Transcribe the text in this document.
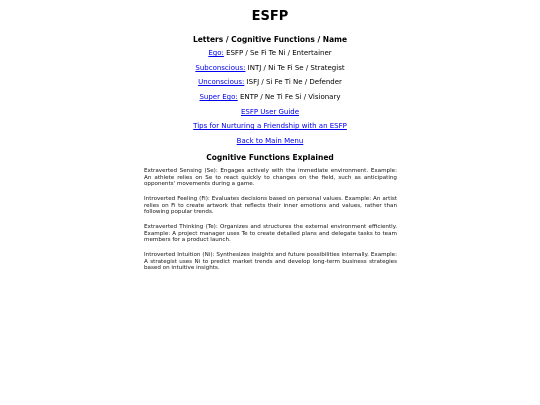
ESFP
Letters / Cognitive Functions / Name
Ego: ESFP / Se Fi Te Ni / Entertainer
Subconscious: INTJ / Ni Te Fi Se / Strategist
Unconscious: ISFJ / Si Fe Ti Ne / Defender
Super Ego: ENTP / Ne Ti Fe Si / Visionary
ESFP User Guide
Tips for Nurturing a Friendship with an ESFP
Back to Main Menu
Cognitive Functions Explained

Extraverted Sensing (Se): Engages actively with the immediate environment. Example: An athlete relies on Se to react quickly to changes on the field, such as anticipating opponents' movements during a game.

Introverted Feeling (Fi): Evaluates decisions based on personal values. Example: An artist relies on Fi to create artwork that reflects their inner emotions and values, rather than following popular trends.

Extraverted Thinking (Te): Organizes and structures the external environment efficiently. Example: A project manager uses Te to create detailed plans and delegate tasks to team members for a product launch.

Introverted Intuition (Ni): Synthesizes insights and future possibilities internally. Example: A strategist uses Ni to predict market trends and develop long-term business strategies based on intuitive insights.
